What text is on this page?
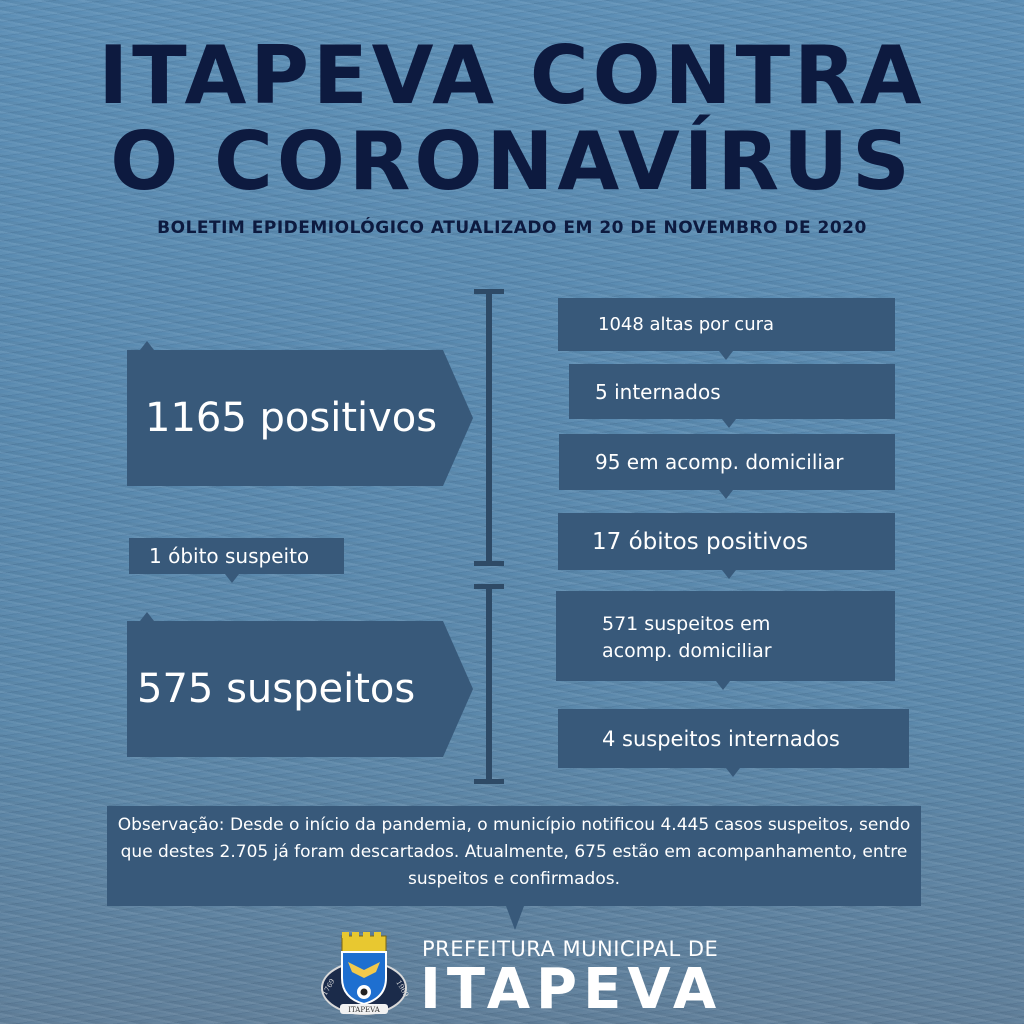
ITAPEVA CONTRA
O CORONAVÍRUS
BOLETIM EPIDEMIOLÓGICO ATUALIZADO EM 20 DE NOVEMBRO DE 2020
1165 positivos
1048 altas por cura
5 internados
95 em acomp. domiciliar
17 óbitos positivos
1 óbito suspeito
575 suspeitos
571 suspeitos em
acomp. domiciliar
4 suspeitos internados
Observação: Desde o início da pandemia, o município notificou 4.445 casos suspeitos, sendo que destes 2.705 já foram descartados. Atualmente, 675 estão em acompanhamento, entre suspeitos e confirmados.
ITAPEVA
1769	1969
PREFEITURA MUNICIPAL DE
ITAPEVA
